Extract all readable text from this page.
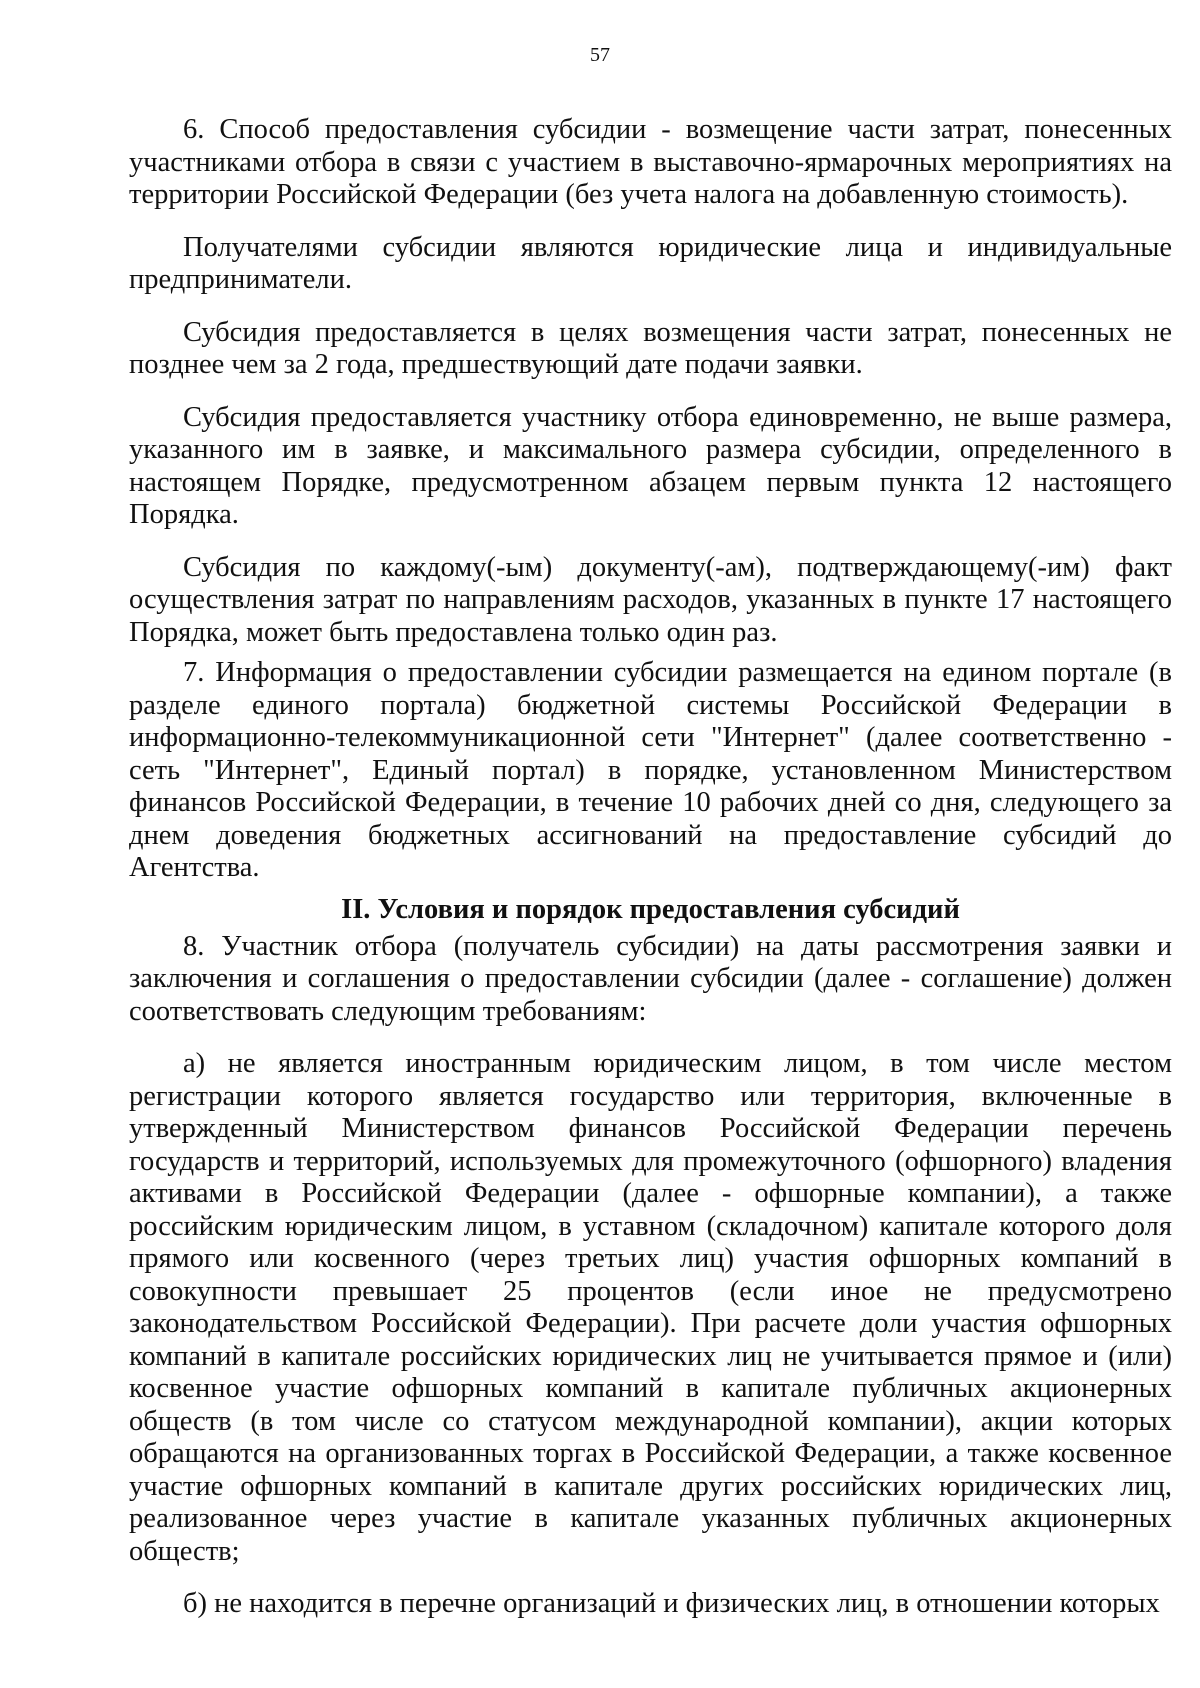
57

6. Способ предоставления субсидии - возмещение части затрат, понесенных участниками отбора в связи с участием в выставочно-ярмарочных мероприятиях на территории Российской Федерации (без учета налога на добавленную стоимость).

Получателями субсидии являются юридические лица и индивидуальные предприниматели.

Субсидия предоставляется в целях возмещения части затрат, понесенных не позднее чем за 2 года, предшествующий дате подачи заявки.

Субсидия предоставляется участнику отбора единовременно, не выше размера, указанного им в заявке, и максимального размера субсидии, определенного в настоящем Порядке, предусмотренном абзацем первым пункта 12 настоящего Порядка.

Субсидия по каждому(-ым) документу(-ам), подтверждающему(-им) факт осуществления затрат по направлениям расходов, указанных в пункте 17 настоящего Порядка, может быть предоставлена только один раз.

7. Информация о предоставлении субсидии размещается на едином портале (в разделе единого портала) бюджетной системы Российской Федерации в информационно-телекоммуникационной сети "Интернет" (далее соответственно - сеть "Интернет", Единый портал) в порядке, установленном Министерством финансов Российской Федерации, в течение 10 рабочих дней со дня, следующего за днем доведения бюджетных ассигнований на предоставление субсидий до Агентства.

II. Условия и порядок предоставления субсидий

8. Участник отбора (получатель субсидии) на даты рассмотрения заявки и заключения и соглашения о предоставлении субсидии (далее - соглашение) должен соответствовать следующим требованиям:

а) не является иностранным юридическим лицом, в том числе местом регистрации которого является государство или территория, включенные в утвержденный Министерством финансов Российской Федерации перечень государств и территорий, используемых для промежуточного (офшорного) владения активами в Российской Федерации (далее - офшорные компании), а также российским юридическим лицом, в уставном (складочном) капитале которого доля прямого или косвенного (через третьих лиц) участия офшорных компаний в совокупности превышает 25 процентов (если иное не предусмотрено законодательством Российской Федерации). При расчете доли участия офшорных компаний в капитале российских юридических лиц не учитывается прямое и (или) косвенное участие офшорных компаний в капитале публичных акционерных обществ (в том числе со статусом международной компании), акции которых обращаются на организованных торгах в Российской Федерации, а также косвенное участие офшорных компаний в капитале других российских юридических лиц, реализованное через участие в капитале указанных публичных акционерных обществ;

б) не находится в перечне организаций и физических лиц, в отношении которых
